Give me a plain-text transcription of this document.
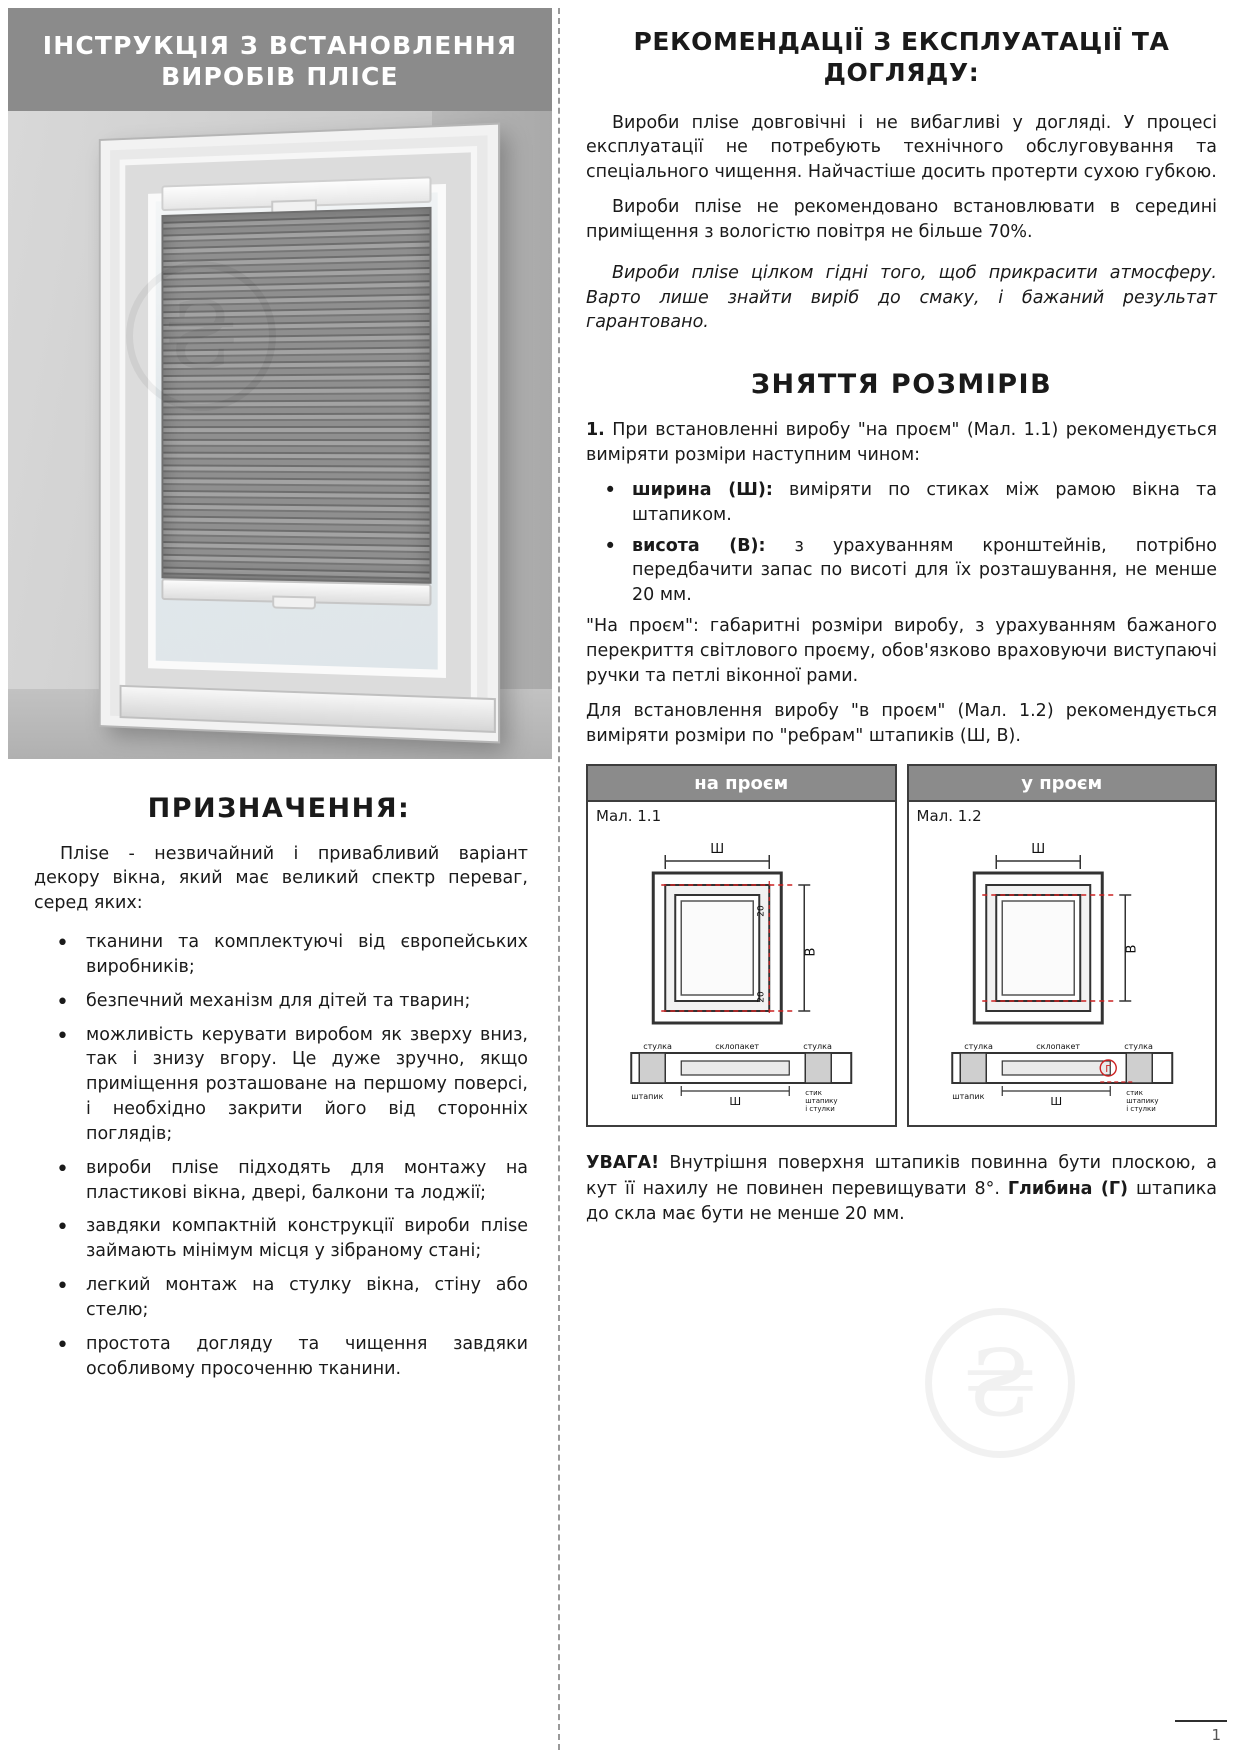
ІНСТРУКЦІЯ З ВСТАНОВЛЕННЯ ВИРОБІВ ПЛІСЕ
ПРИЗНАЧЕННЯ:

Пліse - незвичайний і привабливий варіант декору вікна, який має великий спектр переваг, серед яких:

• тканини та комплектуючі від європейських виробників;
• безпечний механізм для дітей та тварин;
• можливість керувати виробом як зверху вниз, так і знизу вгору. Це дуже зручно, якщо приміщення розташоване на першому поверсі, і необхідно закрити його від сторонніх поглядів;
• вироби пліse підходять для монтажу на пластикові вікна, двері, балкони та лоджії;
• завдяки компактній конструкції вироби пліse займають мінімум місця у зібраному стані;
• легкий монтаж на стулку вікна, стіну або стелю;
• простота догляду та чищення завдяки особливому просоченню тканини.
РЕКОМЕНДАЦІЇ З ЕКСПЛУАТАЦІЇ ТА ДОГЛЯДУ:

Вироби пліse довговічні і не вибагливі у догляді. У процесі експлуатації не потребують технічного обслуговування та спеціального чищення. Найчастіше досить протерти сухою губкою.

Вироби пліse не рекомендовано встановлювати в середині приміщення з вологістю повітря не більше 70%.

Вироби пліse цілком гідні того, щоб прикрасити атмосферу. Варто лише знайти виріб до смаку, і бажаний результат гарантовано.

ЗНЯТТЯ РОЗМІРІВ

1. При встановленні виробу "на проєм" (Мал. 1.1) рекомендується виміряти розміри наступним чином:

• ширина (Ш): виміряти по стиках між рамою вікна та штапиком.
• висота (В): з урахуванням кронштейнів, потрібно передбачити запас по висоті для їх розташування, не менше 20 мм.

"На проєм": габаритні розміри виробу, з урахуванням бажаного перекриття світлового проєму, обов'язково враховуючи виступаючі ручки та петлі віконної рами.

Для встановлення виробу "в проєм" (Мал. 1.2) рекомендується виміряти розміри по "ребрам" штапиків (Ш, В).

на проєм
Мал. 1.1
Ш
В
20
20
Ш
стулка	склопакет	стулка
штапик	стик
штапику
і стулки
у проєм
Мал. 1.2
Ш
В
Ш
Г
стулка	склопакет	стулка
штапик	стик
штапику
і стулки

УВАГА! Внутрішня поверхня штапиків повинна бути плоскою, а кут її нахилу не повинен перевищувати 8°. Глибина (Г) штапика до скла має бути не менше 20 мм.

₴
1
